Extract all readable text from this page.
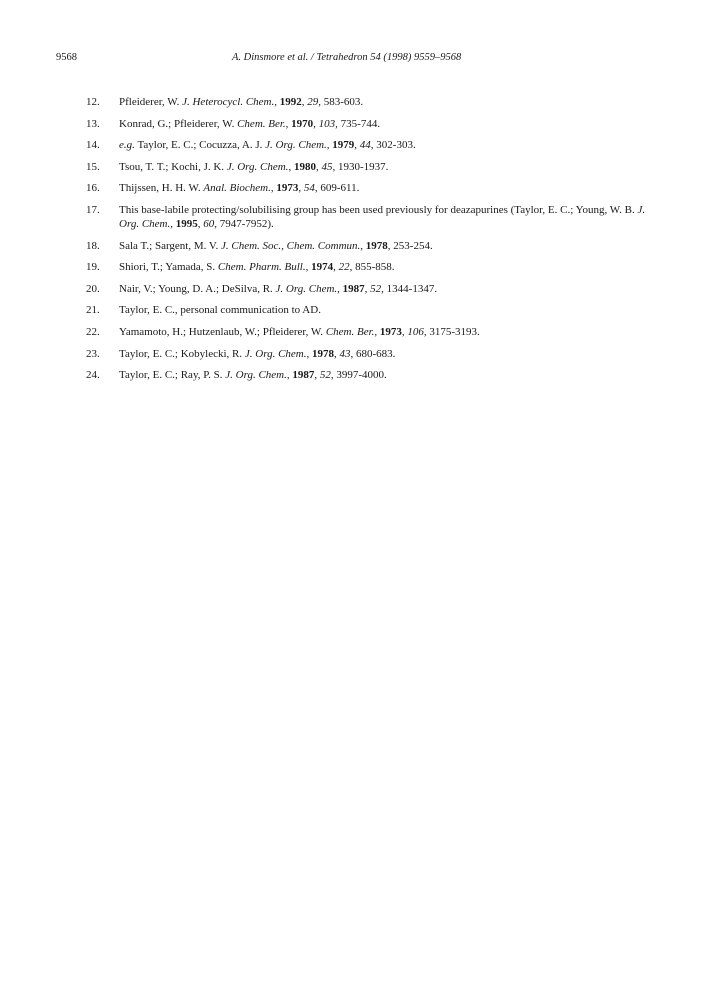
9568	A. Dinsmore et al. / Tetrahedron 54 (1998) 9559–9568
12. Pfleiderer, W. J. Heterocycl. Chem., 1992, 29, 583-603.
13. Konrad, G.; Pfleiderer, W. Chem. Ber., 1970, 103, 735-744.
14. e.g. Taylor, E. C.; Cocuzza, A. J. J. Org. Chem., 1979, 44, 302-303.
15. Tsou, T. T.; Kochi, J. K. J. Org. Chem., 1980, 45, 1930-1937.
16. Thijssen, H. H. W. Anal. Biochem., 1973, 54, 609-611.
17. This base-labile protecting/solubilising group has been used previously for deazapurines (Taylor, E. C.; Young, W. B. J. Org. Chem., 1995, 60, 7947-7952).
18. Sala T.; Sargent, M. V. J. Chem. Soc., Chem. Commun., 1978, 253-254.
19. Shiori, T.; Yamada, S. Chem. Pharm. Bull., 1974, 22, 855-858.
20. Nair, V.; Young, D. A.; DeSilva, R. J. Org. Chem., 1987, 52, 1344-1347.
21. Taylor, E. C., personal communication to AD.
22. Yamamoto, H.; Hutzenlaub, W.; Pfleiderer, W. Chem. Ber., 1973, 106, 3175-3193.
23. Taylor, E. C.; Kobylecki, R. J. Org. Chem., 1978, 43, 680-683.
24. Taylor, E. C.; Ray, P. S. J. Org. Chem., 1987, 52, 3997-4000.
